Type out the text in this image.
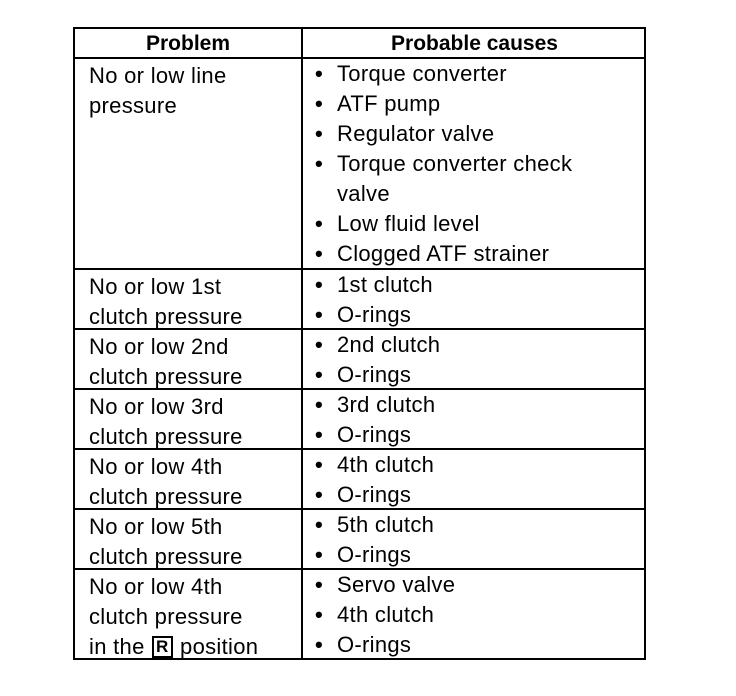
Problem	Probable causes
No or low line
pressure
• Torque converter
• ATF pump
• Regulator valve
• Torque converter check
valve
• Low fluid level
• Clogged ATF strainer
No or low 1st
clutch pressure
• 1st clutch
• O-rings
No or low 2nd
clutch pressure
• 2nd clutch
• O-rings
No or low 3rd
clutch pressure
• 3rd clutch
• O-rings
No or low 4th
clutch pressure
• 4th clutch
• O-rings
No or low 5th
clutch pressure
• 5th clutch
• O-rings
No or low 4th
clutch pressure
in the R position
• Servo valve
• 4th clutch
• O-rings
